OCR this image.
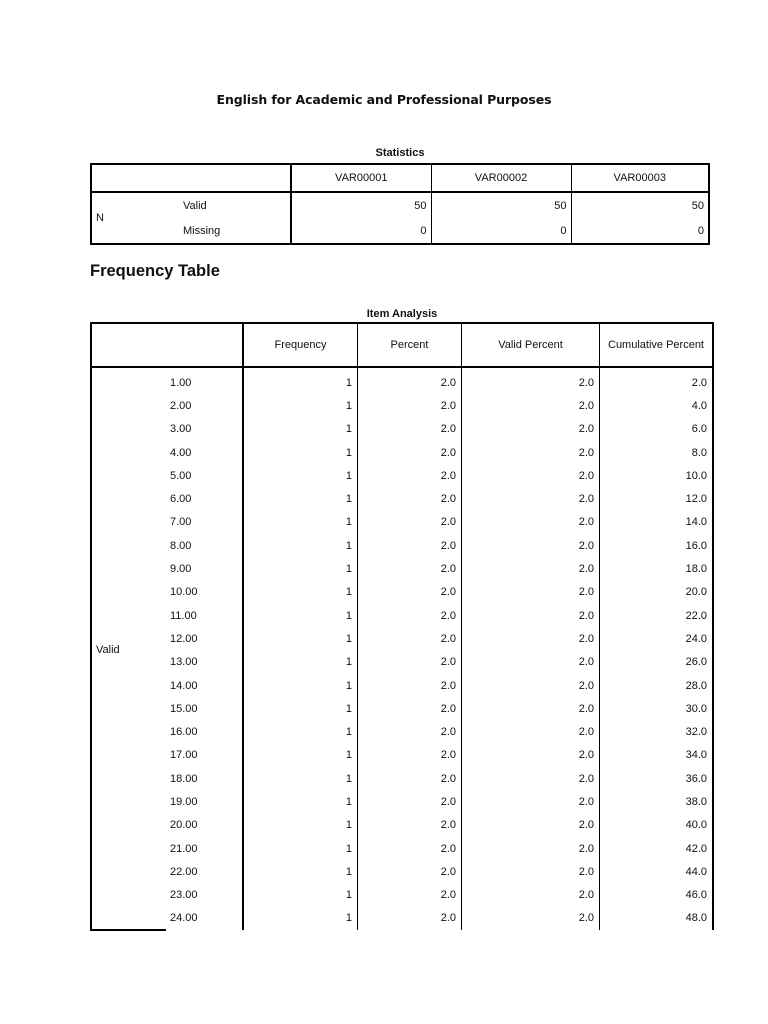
English for Academic and Professional Purposes
Statistics
		VAR00001	VAR00002	VAR00003
N	Valid	50	50	50
	Missing	0	0	0
Frequency Table
Item Analysis
		Frequency	Percent	Valid Percent	Cumulative Percent

Valid	1.00	1	2.0	2.0	2.0
	2.00	1	2.0	2.0	4.0
	3.00	1	2.0	2.0	6.0
	4.00	1	2.0	2.0	8.0
	5.00	1	2.0	2.0	10.0
	6.00	1	2.0	2.0	12.0
	7.00	1	2.0	2.0	14.0
	8.00	1	2.0	2.0	16.0
	9.00	1	2.0	2.0	18.0
	10.00	1	2.0	2.0	20.0
	11.00	1	2.0	2.0	22.0
	12.00	1	2.0	2.0	24.0
	13.00	1	2.0	2.0	26.0
	14.00	1	2.0	2.0	28.0
	15.00	1	2.0	2.0	30.0
	16.00	1	2.0	2.0	32.0
	17.00	1	2.0	2.0	34.0
	18.00	1	2.0	2.0	36.0
	19.00	1	2.0	2.0	38.0
	20.00	1	2.0	2.0	40.0
	21.00	1	2.0	2.0	42.0
	22.00	1	2.0	2.0	44.0
	23.00	1	2.0	2.0	46.0
	24.00	1	2.0	2.0	48.0
